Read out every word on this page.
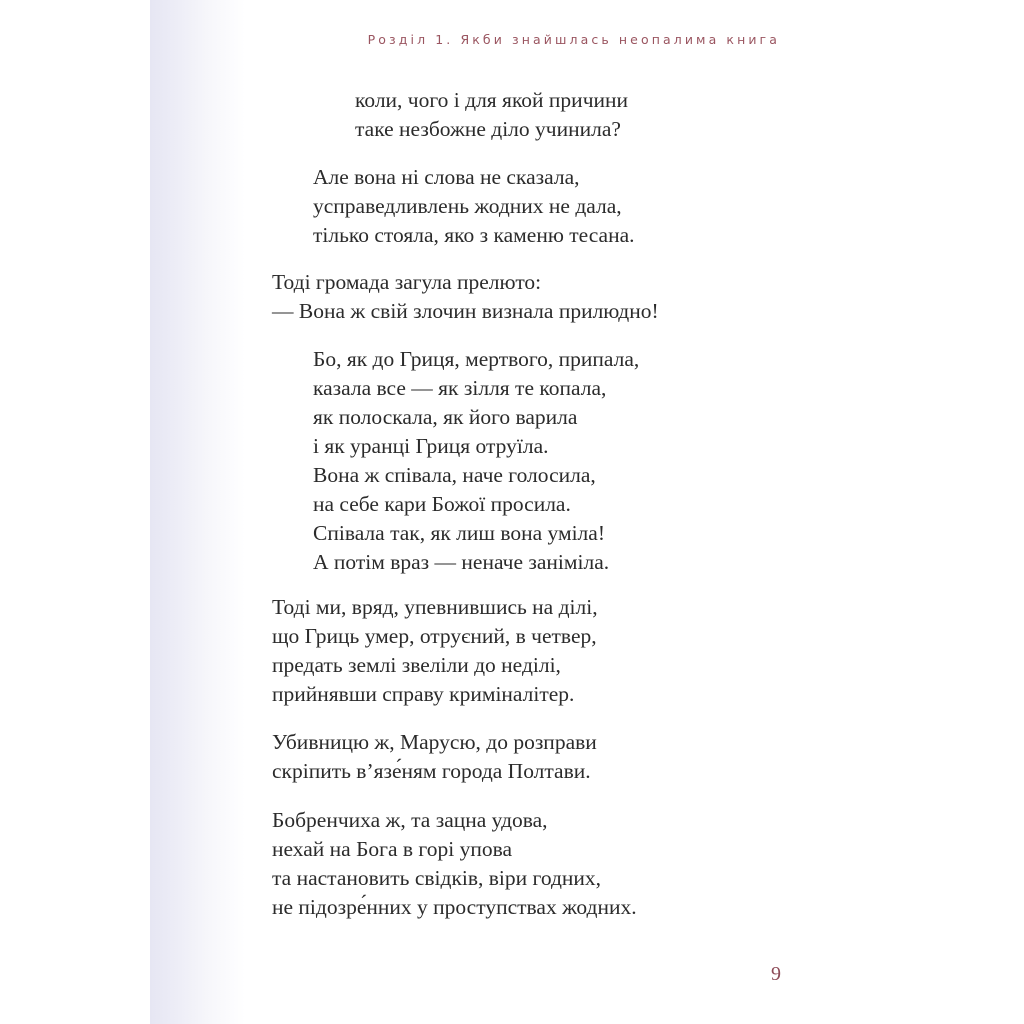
Розділ 1. Якби знайшлась неопалима книга
коли, чого і для якой причини
таке незбожне діло учинила?
Але вона ні слова не сказала,
усправедливлень жодних не дала,
тілько стояла, яко з каменю тесана.
Тоді громада загула прелюто:
— Вона ж свій злочин визнала прилюдно!
Бо, як до Гриця, мертвого, припала,
казала все — як зілля те копала,
як полоскала, як його варила
і як уранці Гриця отруїла.
Вона ж співала, наче голосила,
на себе кари Божої просила.
Співала так, як лиш вона уміла!
А потім враз — неначе заніміла.
Тоді ми, вряд, упевнившись на ділі,
що Гриць умер, отруєний, в четвер,
предать землі звеліли до неділі,
прийнявши справу криміналітер.
Убивницю ж, Марусю, до розправи
скріпить в’язе́ням города Полтави.
Бобренчиха ж, та зацна удова,
нехай на Бога в горі упова
та настановить свідків, віри годних,
не підозре́нних у проступствах жодних.
9
